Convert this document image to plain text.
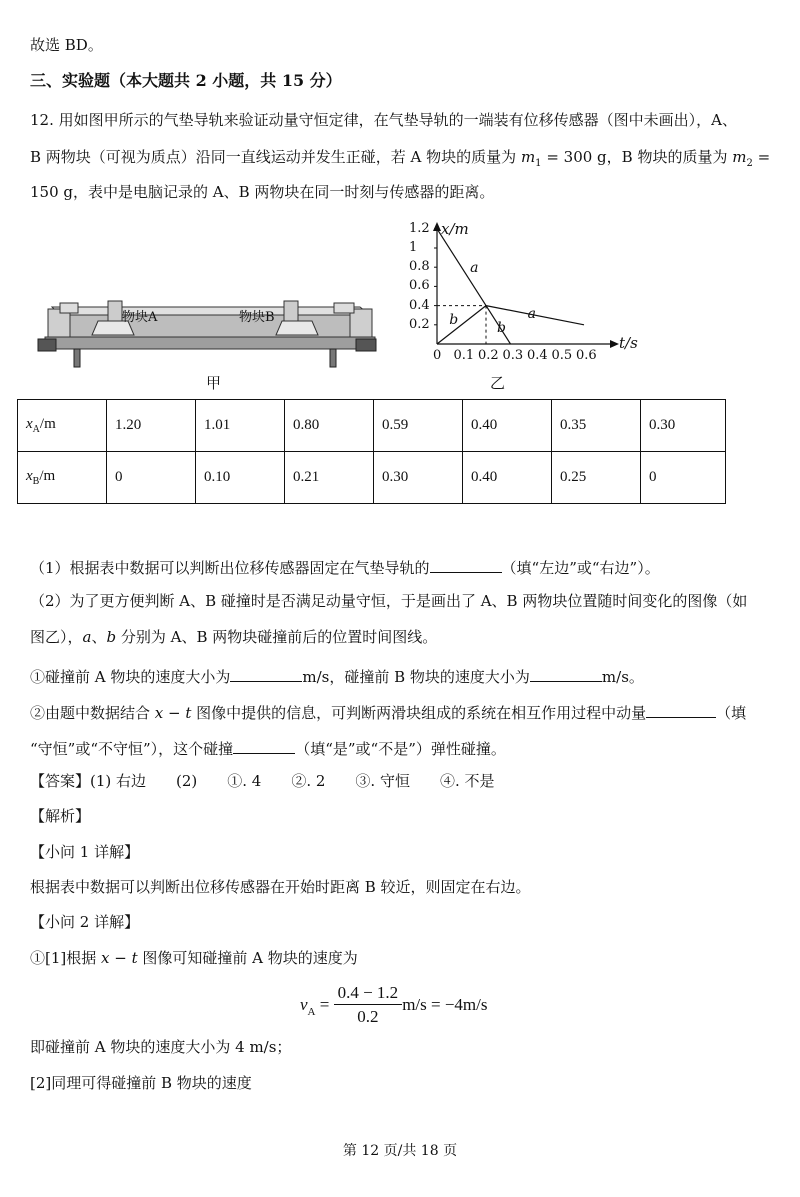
故选 BD。
三、实验题（本大题共 2 小题，共 15 分）
12. 用如图甲所示的气垫导轨来验证动量守恒定律，在气垫导轨的一端装有位移传感器（图中未画出），A、
B 两物块（可视为质点）沿同一直线运动并发生正碰，若 A 物块的质量为 $m_1 = 300$ g，B 物块的质量为 $m_2$ =
150 g，表中是电脑记录的 A、B 两物块在同一时刻与传感器的距离。
物块A	物块B
甲
x/m
t/s
1.2
1
0.8
0.6
0.4
0.2
0 0.1 0.2 0.3 0.4 0.5 0.6
a
b	b
a
乙
$x_A/m$	1.20	1.01	0.80	0.59	0.40	0.35	0.30
$x_B/m$	0	0.10	0.21	0.30	0.40	0.25	0
（1）根据表中数据可以判断出位移传感器固定在气垫导轨的	（填“左边”或“右边”）。
（2）为了更方便判断 A、B 碰撞时是否满足动量守恒，于是画出了 A、B 两物块位置随时间变化的图像（如
图乙），a、b 分别为 A、B 两物块碰撞前后的位置时间图线。
①碰撞前 A 物块的速度大小为	m/s，碰撞前 B 物块的速度大小为	m/s。
②由题中数据结合 x − t 图像中提供的信息，可判断两滑块组成的系统在相互作用过程中动量	（填
“守恒”或“不守恒”），这个碰撞	（填“是”或“不是”）弹性碰撞。
【答案】(1) 右边　　(2)　　①. 4　　②. 2　　③. 守恒　　④. 不是
【解析】
【小问 1 详解】
根据表中数据可以判断出位移传感器在开始时距离 B 较近，则固定在右边。
【小问 2 详解】
①[1]根据 x − t 图像可知碰撞前 A 物块的速度为
$v_A = \frac{0.4 - 1.2}{0.2} m/s = -4m/s$
即碰撞前 A 物块的速度大小为 4 m/s；
[2]同理可得碰撞前 B 物块的速度
第 12 页/共 18 页
